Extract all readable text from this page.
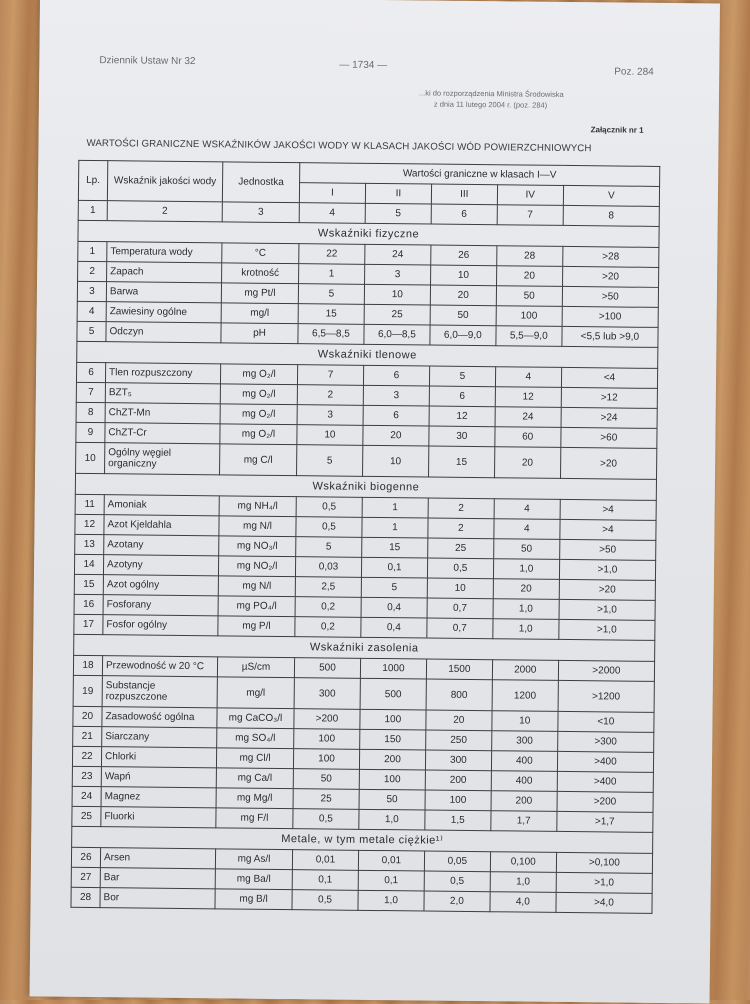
Dziennik Ustaw Nr 32	— 1734 —
Poz. 284
...ki do rozporządzenia Ministra Środowiska
z dnia 11 lutego 2004 r. (poz. 284)
Załącznik nr 1
WARTOŚCI GRANICZNE WSKAŹNIKÓW JAKOŚCI WODY W KLASACH JAKOŚCI WÓD POWIERZCHNIOWYCH
Lp.	Wskaźnik jakości wody	Jednostka	Wartości graniczne w klasach I—V				
			I	II	III	IV	V
1	2	3	4	5	6	7	8
Wskaźniki fizyczne							
1	Temperatura wody	°C	22	24	26	28	>28
2	Zapach	krotność	1	3	10	20	>20
3	Barwa	mg Pt/l	5	10	20	50	>50
4	Zawiesiny ogólne	mg/l	15	25	50	100	>100
5	Odczyn	pH	6,5—8,5	6,0—8,5	6,0—9,0	5,5—9,0	<5,5 lub >9,0
Wskaźniki tlenowe							
6	Tlen rozpuszczony	mg O₂/l	7	6	5	4	<4
7	BZT₅	mg O₂/l	2	3	6	12	>12
8	ChZT-Mn	mg O₂/l	3	6	12	24	>24
9	ChZT-Cr	mg O₂/l	10	20	30	60	>60
10	Ogólny węgiel organiczny	mg C/l	5	10	15	20	>20
Wskaźniki biogenne							
11	Amoniak	mg NH₄/l	0,5	1	2	4	>4
12	Azot Kjeldahla	mg N/l	0,5	1	2	4	>4
13	Azotany	mg NO₃/l	5	15	25	50	>50
14	Azotyny	mg NO₂/l	0,03	0,1	0,5	1,0	>1,0
15	Azot ogólny	mg N/l	2,5	5	10	20	>20
16	Fosforany	mg PO₄/l	0,2	0,4	0,7	1,0	>1,0
17	Fosfor ogólny	mg P/l	0,2	0,4	0,7	1,0	>1,0
Wskaźniki zasolenia							
18	Przewodność w 20 °C	µS/cm	500	1000	1500	2000	>2000
19	Substancje rozpuszczone	mg/l	300	500	800	1200	>1200
20	Zasadowość ogólna	mg CaCO₃/l	>200	100	20	10	<10
21	Siarczany	mg SO₄/l	100	150	250	300	>300
22	Chlorki	mg Cl/l	100	200	300	400	>400
23	Wapń	mg Ca/l	50	100	200	400	>400
24	Magnez	mg Mg/l	25	50	100	200	>200
25	Fluorki	mg F/l	0,5	1,0	1,5	1,7	>1,7
Metale, w tym metale ciężkie¹⁾							
26	Arsen	mg As/l	0,01	0,01	0,05	0,100	>0,100
27	Bar	mg Ba/l	0,1	0,1	0,5	1,0	>1,0
28	Bor	mg B/l	0,5	1,0	2,0	4,0	>4,0
